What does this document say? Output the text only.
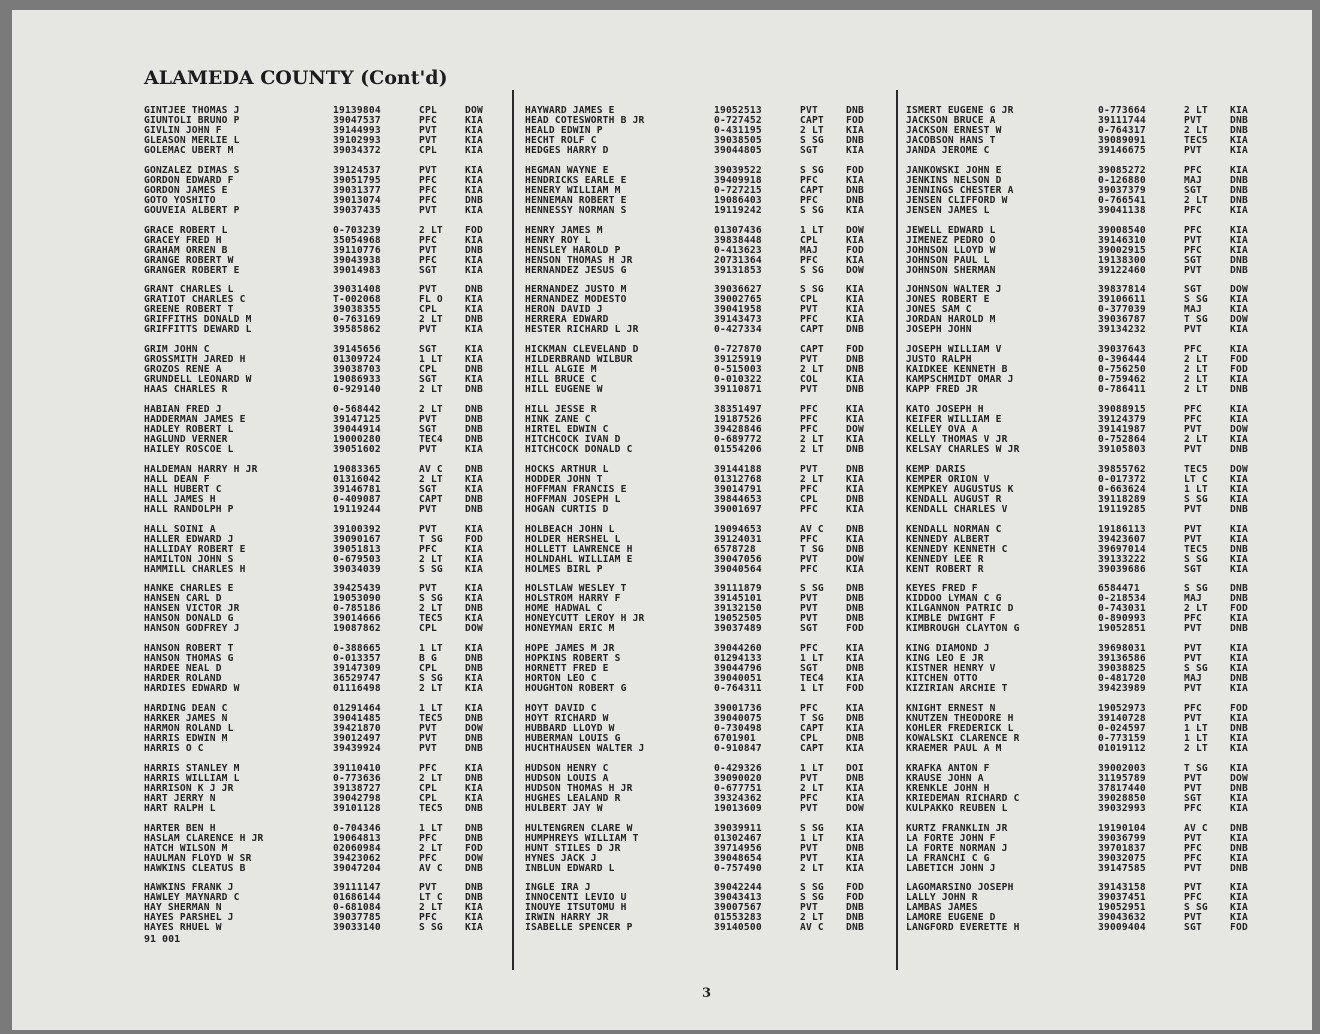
ALAMEDA COUNTY (Cont'd)
GINTJEE THOMAS J	19139804	CPL	DOW
GIUNTOLI BRUNO P	39047537	PFC	KIA
GIVLIN JOHN F	39144993	PVT	KIA
GLEASON MERLIE L	39102993	PVT	KIA
GOLEMAC UBERT M	39034372	CPL	KIA
GONZALEZ DIMAS S	39124537	PVT	KIA
GORDON EDWARD F	39051795	PFC	KIA
GORDON JAMES E	39031377	PFC	KIA
GOTO YOSHITO	39013074	PFC	DNB
GOUVEIA ALBERT P	39037435	PVT	KIA
GRACE ROBERT L	0-703239	2 LT	FOD
GRACEY FRED H	35054968	PFC	KIA
GRAHAM ORREN B	39110776	PVT	DNB
GRANGE ROBERT W	39043938	PFC	KIA
GRANGER ROBERT E	39014983	SGT	KIA
GRANT CHARLES L	39031408	PVT	DNB
GRATIOT CHARLES C	T-002068	FL O	KIA
GREENE ROBERT T	39038355	CPL	KIA
GRIFFITHS DONALD M	0-763169	2 LT	DNB
GRIFFITTS DEWARD L	39585862	PVT	KIA
GRIM JOHN C	39145656	SGT	KIA
GROSSMITH JARED H	01309724	1 LT	KIA
GROZOS RENE A	39038703	CPL	DNB
GRUNDELL LEONARD W	19086933	SGT	KIA
HAAS CHARLES R	0-929140	2 LT	DNB
HABIAN FRED J	0-568442	2 LT	DNB
HADDERMAN JAMES E	39147125	PVT	DNB
HADLEY ROBERT L	39044914	SGT	DNB
HAGLUND VERNER	19000280	TEC4	DNB
HAILEY ROSCOE L	39051602	PVT	KIA
HALDEMAN HARRY H JR	19083365	AV C	DNB
HALL DEAN F	01316042	2 LT	KIA
HALL HUBERT C	39146781	SGT	KIA
HALL JAMES H	0-409087	CAPT	DNB
HALL RANDOLPH P	19119244	PVT	DNB
HALL SOINI A	39100392	PVT	KIA
HALLER EDWARD J	39090167	T SG	FOD
HALLIDAY ROBERT E	39051813	PFC	KIA
HAMILTON JOHN S	0-679503	2 LT	KIA
HAMMILL CHARLES H	39034039	S SG	KIA
HANKE CHARLES E	39425439	PVT	KIA
HANSEN CARL D	19053090	S SG	KIA
HANSEN VICTOR JR	0-785186	2 LT	DNB
HANSON DONALD G	39014666	TEC5	KIA
HANSON GODFREY J	19087862	CPL	DOW
HANSON ROBERT T	0-388665	1 LT	KIA
HANSON THOMAS G	0-013357	B G	DNB
HARDEE NEAL D	39147309	CPL	DNB
HARDER ROLAND	36529747	S SG	KIA
HARDIES EDWARD W	01116498	2 LT	KIA
HARDING DEAN C	01291464	1 LT	KIA
HARKER JAMES N	39041485	TEC5	DNB
HARMON ROLAND L	39421870	PVT	DOW
HARRIS EDWIN M	39012497	PVT	DNB
HARRIS O C	39439924	PVT	DNB
HARRIS STANLEY M	39110410	PFC	KIA
HARRIS WILLIAM L	0-773636	2 LT	DNB
HARRISON K J JR	39138727	CPL	KIA
HART JERRY N	39042798	CPL	KIA
HART RALPH L	39101128	TEC5	DNB
HARTER BEN H	0-704346	1 LT	DNB
HASLAM CLARENCE H JR	19064813	PFC	DNB
HATCH WILSON M	02060984	2 LT	FOD
HAULMAN FLOYD W SR	39423062	PFC	DOW
HAWKINS CLEATUS B	39047204	AV C	DNB
HAWKINS FRANK J	39111147	PVT	DNB
HAWLEY MAYNARD C	01686144	LT C	DNB
HAY SHERMAN N	0-681084	2 LT	KIA
HAYES PARSHEL J	39037785	PFC	KIA
HAYES RHUEL W	39033140	S SG	KIA
HAYWARD JAMES E	19052513	PVT	DNB
HEAD COTESWORTH B JR	0-727452	CAPT	FOD
HEALD EDWIN P	0-431195	2 LT	KIA
HECHT ROLF C	39038505	S SG	DNB
HEDGES HARRY D	39044805	SGT	KIA
HEGMAN WAYNE E	39039522	S SG	FOD
HENDRICKS EARLE E	39409918	PFC	KIA
HENERY WILLIAM M	0-727215	CAPT	DNB
HENNEMAN ROBERT E	19086403	PFC	DNB
HENNESSY NORMAN S	19119242	S SG	KIA
HENRY JAMES M	01307436	1 LT	DOW
HENRY ROY L	39838448	CPL	KIA
HENSLEY HAROLD P	0-413623	MAJ	FOD
HENSON THOMAS H JR	20731364	PFC	KIA
HERNANDEZ JESUS G	39131853	S SG	DOW
HERNANDEZ JUSTO M	39036627	S SG	KIA
HERNANDEZ MODESTO	39002765	CPL	KIA
HERON DAVID J	39041958	PVT	KIA
HERRERA EDWARD	39143473	PFC	KIA
HESTER RICHARD L JR	0-427334	CAPT	DNB
HICKMAN CLEVELAND D	0-727870	CAPT	FOD
HILDERBRAND WILBUR	39125919	PVT	DNB
HILL ALGIE M	0-515003	2 LT	DNB
HILL BRUCE C	0-010322	COL	KIA
HILL EUGENE W	39110871	PVT	DNB
HILL JESSE R	38351497	PFC	KIA
HINK ZANE C	19187526	PFC	KIA
HIRTEL EDWIN C	39428846	PFC	DOW
HITCHCOCK IVAN D	0-689772	2 LT	KIA
HITCHCOCK DONALD C	01554206	2 LT	DNB
HOCKS ARTHUR L	39144188	PVT	DNB
HODDER JOHN T	01312768	2 LT	KIA
HOFFMAN FRANCIS E	39014791	PFC	KIA
HOFFMAN JOSEPH L	39844653	CPL	DNB
HOGAN CURTIS D	39001697	PFC	KIA
HOLBEACH JOHN L	19094653	AV C	DNB
HOLDER HERSHEL L	39124031	PFC	KIA
HOLLETT LAWRENCE H	6578728	T SG	DNB
HOLNDAHL WILLIAM E	39047056	PVT	DOW
HOLMES BIRL P	39040564	PFC	KIA
HOLSTLAW WESLEY T	39111879	S SG	DNB
HOLSTROM HARRY F	39145101	PVT	DNB
HOME HADWAL C	39132150	PVT	DNB
HONEYCUTT LEROY H JR	19052505	PVT	DNB
HONEYMAN ERIC M	39037489	SGT	FOD
HOPE JAMES M JR	39044260	PFC	KIA
HOPKINS ROBERT S	01294133	1 LT	KIA
HORNETT FRED E	39044796	SGT	DNB
HORTON LEO C	39040051	TEC4	KIA
HOUGHTON ROBERT G	0-764311	1 LT	FOD
HOYT DAVID C	39001736	PFC	KIA
HOYT RICHARD W	39040075	T SG	DNB
HUBBARD LLOYD W	0-730498	CAPT	KIA
HUBERMAN LOUIS G	6701901	CPL	DNB
HUCHTHAUSEN WALTER J	0-910847	CAPT	KIA
HUDSON HENRY C	0-429326	1 LT	DOI
HUDSON LOUIS A	39090020	PVT	DNB
HUDSON THOMAS H JR	0-677751	2 LT	KIA
HUGHES LEALAND R	39324362	PFC	KIA
HULBERT JAY W	19013609	PVT	DOW
HULTENGREN CLARE W	39039911	S SG	KIA
HUMPHREYS WILLIAM T	01302467	1 LT	KIA
HUNT STILES D JR	39714956	PVT	DNB
HYNES JACK J	39048654	PVT	KIA
INBLUN EDWARD L	0-757490	2 LT	KIA
INGLE IRA J	39042244	S SG	FOD
INNOCENTI LEVIO U	39043413	S SG	FOD
INOUYE ITSUTOMU H	39007567	PVT	DNB
IRWIN HARRY JR	01553283	2 LT	DNB
ISABELLE SPENCER P	39140500	AV C	DNB
ISMERT EUGENE G JR	0-773664	2 LT	KIA
JACKSON BRUCE A	39111744	PVT	DNB
JACKSON ERNEST W	0-764317	2 LT	DNB
JACOBSON HANS T	39089091	TEC5	KIA
JANDA JEROME C	39146675	PVT	KIA
JANKOWSKI JOHN E	39085272	PFC	KIA
JENKINS NELSON D	0-126880	MAJ	DNB
JENNINGS CHESTER A	39037379	SGT	DNB
JENSEN CLIFFORD W	0-766541	2 LT	DNB
JENSEN JAMES L	39041138	PFC	KIA
JEWELL EDWARD L	39008540	PFC	KIA
JIMENEZ PEDRO O	39146310	PVT	KIA
JOHNSON LLOYD W	39002915	PFC	KIA
JOHNSON PAUL L	19138300	SGT	DNB
JOHNSON SHERMAN	39122460	PVT	DNB
JOHNSON WALTER J	39837814	SGT	DOW
JONES ROBERT E	39106611	S SG	KIA
JONES SAM C	0-377039	MAJ	KIA
JORDAN HAROLD M	39036787	T SG	DOW
JOSEPH JOHN	39134232	PVT	KIA
JOSEPH WILLIAM V	39037643	PFC	KIA
JUSTO RALPH	0-396444	2 LT	FOD
KAIDKEE KENNETH B	0-756250	2 LT	FOD
KAMPSCHMIDT OMAR J	0-759462	2 LT	KIA
KAPP FRED JR	0-786411	2 LT	DNB
KATO JOSEPH H	39088915	PFC	KIA
KEIFER WILLIAM E	39124379	PFC	KIA
KELLEY OVA A	39141987	PVT	DOW
KELLY THOMAS V JR	0-752864	2 LT	KIA
KELSAY CHARLES W JR	39105803	PVT	DNB
KEMP DARIS	39855762	TEC5	DOW
KEMPER ORION V	0-017372	LT C	KIA
KEMPKEY AUGUSTUS K	0-663624	1 LT	KIA
KENDALL AUGUST R	39118289	S SG	KIA
KENDALL CHARLES V	19119285	PVT	DNB
KENDALL NORMAN C	19186113	PVT	KIA
KENNEDY ALBERT	39423607	PVT	KIA
KENNEDY KENNETH C	39697014	TEC5	DNB
KENNEDY LEE R	39133222	S SG	KIA
KENT ROBERT R	39039686	SGT	KIA
KEYES FRED F	6584471	S SG	DNB
KIDDOO LYMAN C G	0-218534	MAJ	DNB
KILGANNON PATRIC D	0-743031	2 LT	FOD
KIMBLE DWIGHT F	0-890993	PFC	KIA
KIMBROUGH CLAYTON G	19052851	PVT	DNB
KING DIAMOND J	39698031	PVT	KIA
KING LEO E JR	39136586	PVT	KIA
KISTNER HENRY V	39038825	S SG	KIA
KITCHEN OTTO	0-481720	MAJ	DNB
KIZIRIAN ARCHIE T	39423989	PVT	KIA
KNIGHT ERNEST N	19052973	PFC	FOD
KNUTZEN THEODORE H	39140728	PVT	KIA
KOHLER FREDERICK L	0-024597	1 LT	DNB
KOWALSKI CLARENCE R	0-773159	1 LT	KIA
KRAEMER PAUL A M	01019112	2 LT	KIA
KRAFKA ANTON F	39002003	T SG	KIA
KRAUSE JOHN A	31195789	PVT	DOW
KRENKLE JOHN H	37817440	PVT	DNB
KRIEDEMAN RICHARD C	39028850	SGT	KIA
KULPAKKO REUBEN L	39032993	PFC	KIA
KURTZ FRANKLIN JR	19190104	AV C	DNB
LA FORTE JOHN F	39036799	PVT	KIA
LA FORTE NORMAN J	39701837	PFC	DNB
LA FRANCHI C G	39032075	PFC	KIA
LABETICH JOHN J	39147585	PVT	DNB
LAGOMARSINO JOSEPH	39143158	PVT	KIA
LALLY JOHN R	39037451	PFC	KIA
LAMBAS JAMES	19052951	S SG	KIA
LAMORE EUGENE D	39043632	PVT	KIA
LANGFORD EVERETTE H	39009404	SGT	FOD
91 001
3
